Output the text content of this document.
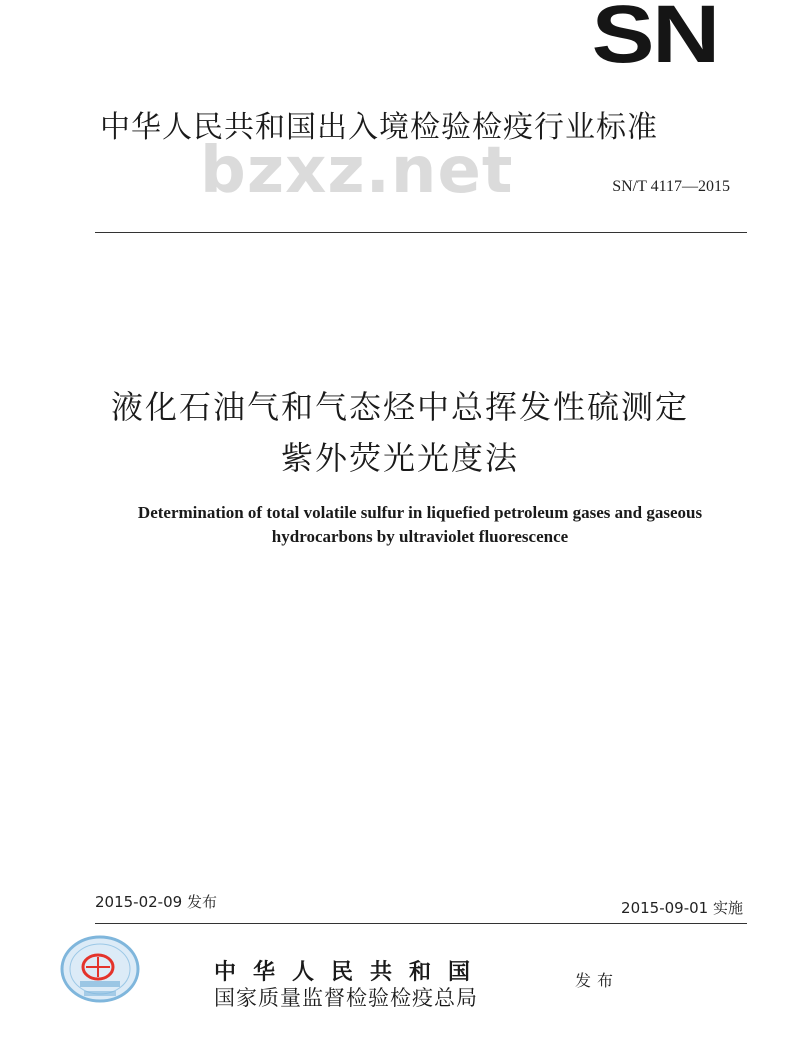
SN
中华人民共和国出入境检验检疫行业标准
bzxz.net	SN/T 4117—2015
液化石油气和气态烃中总挥发性硫测定
紫外荧光光度法
Determination of total volatile sulfur in liquefied petroleum gases and gaseous
hydrocarbons by ultraviolet fluorescence
2015-02-09 发布	2015-09-01 实施
中华人民共和国
国家质量监督检验检疫总局
发布
